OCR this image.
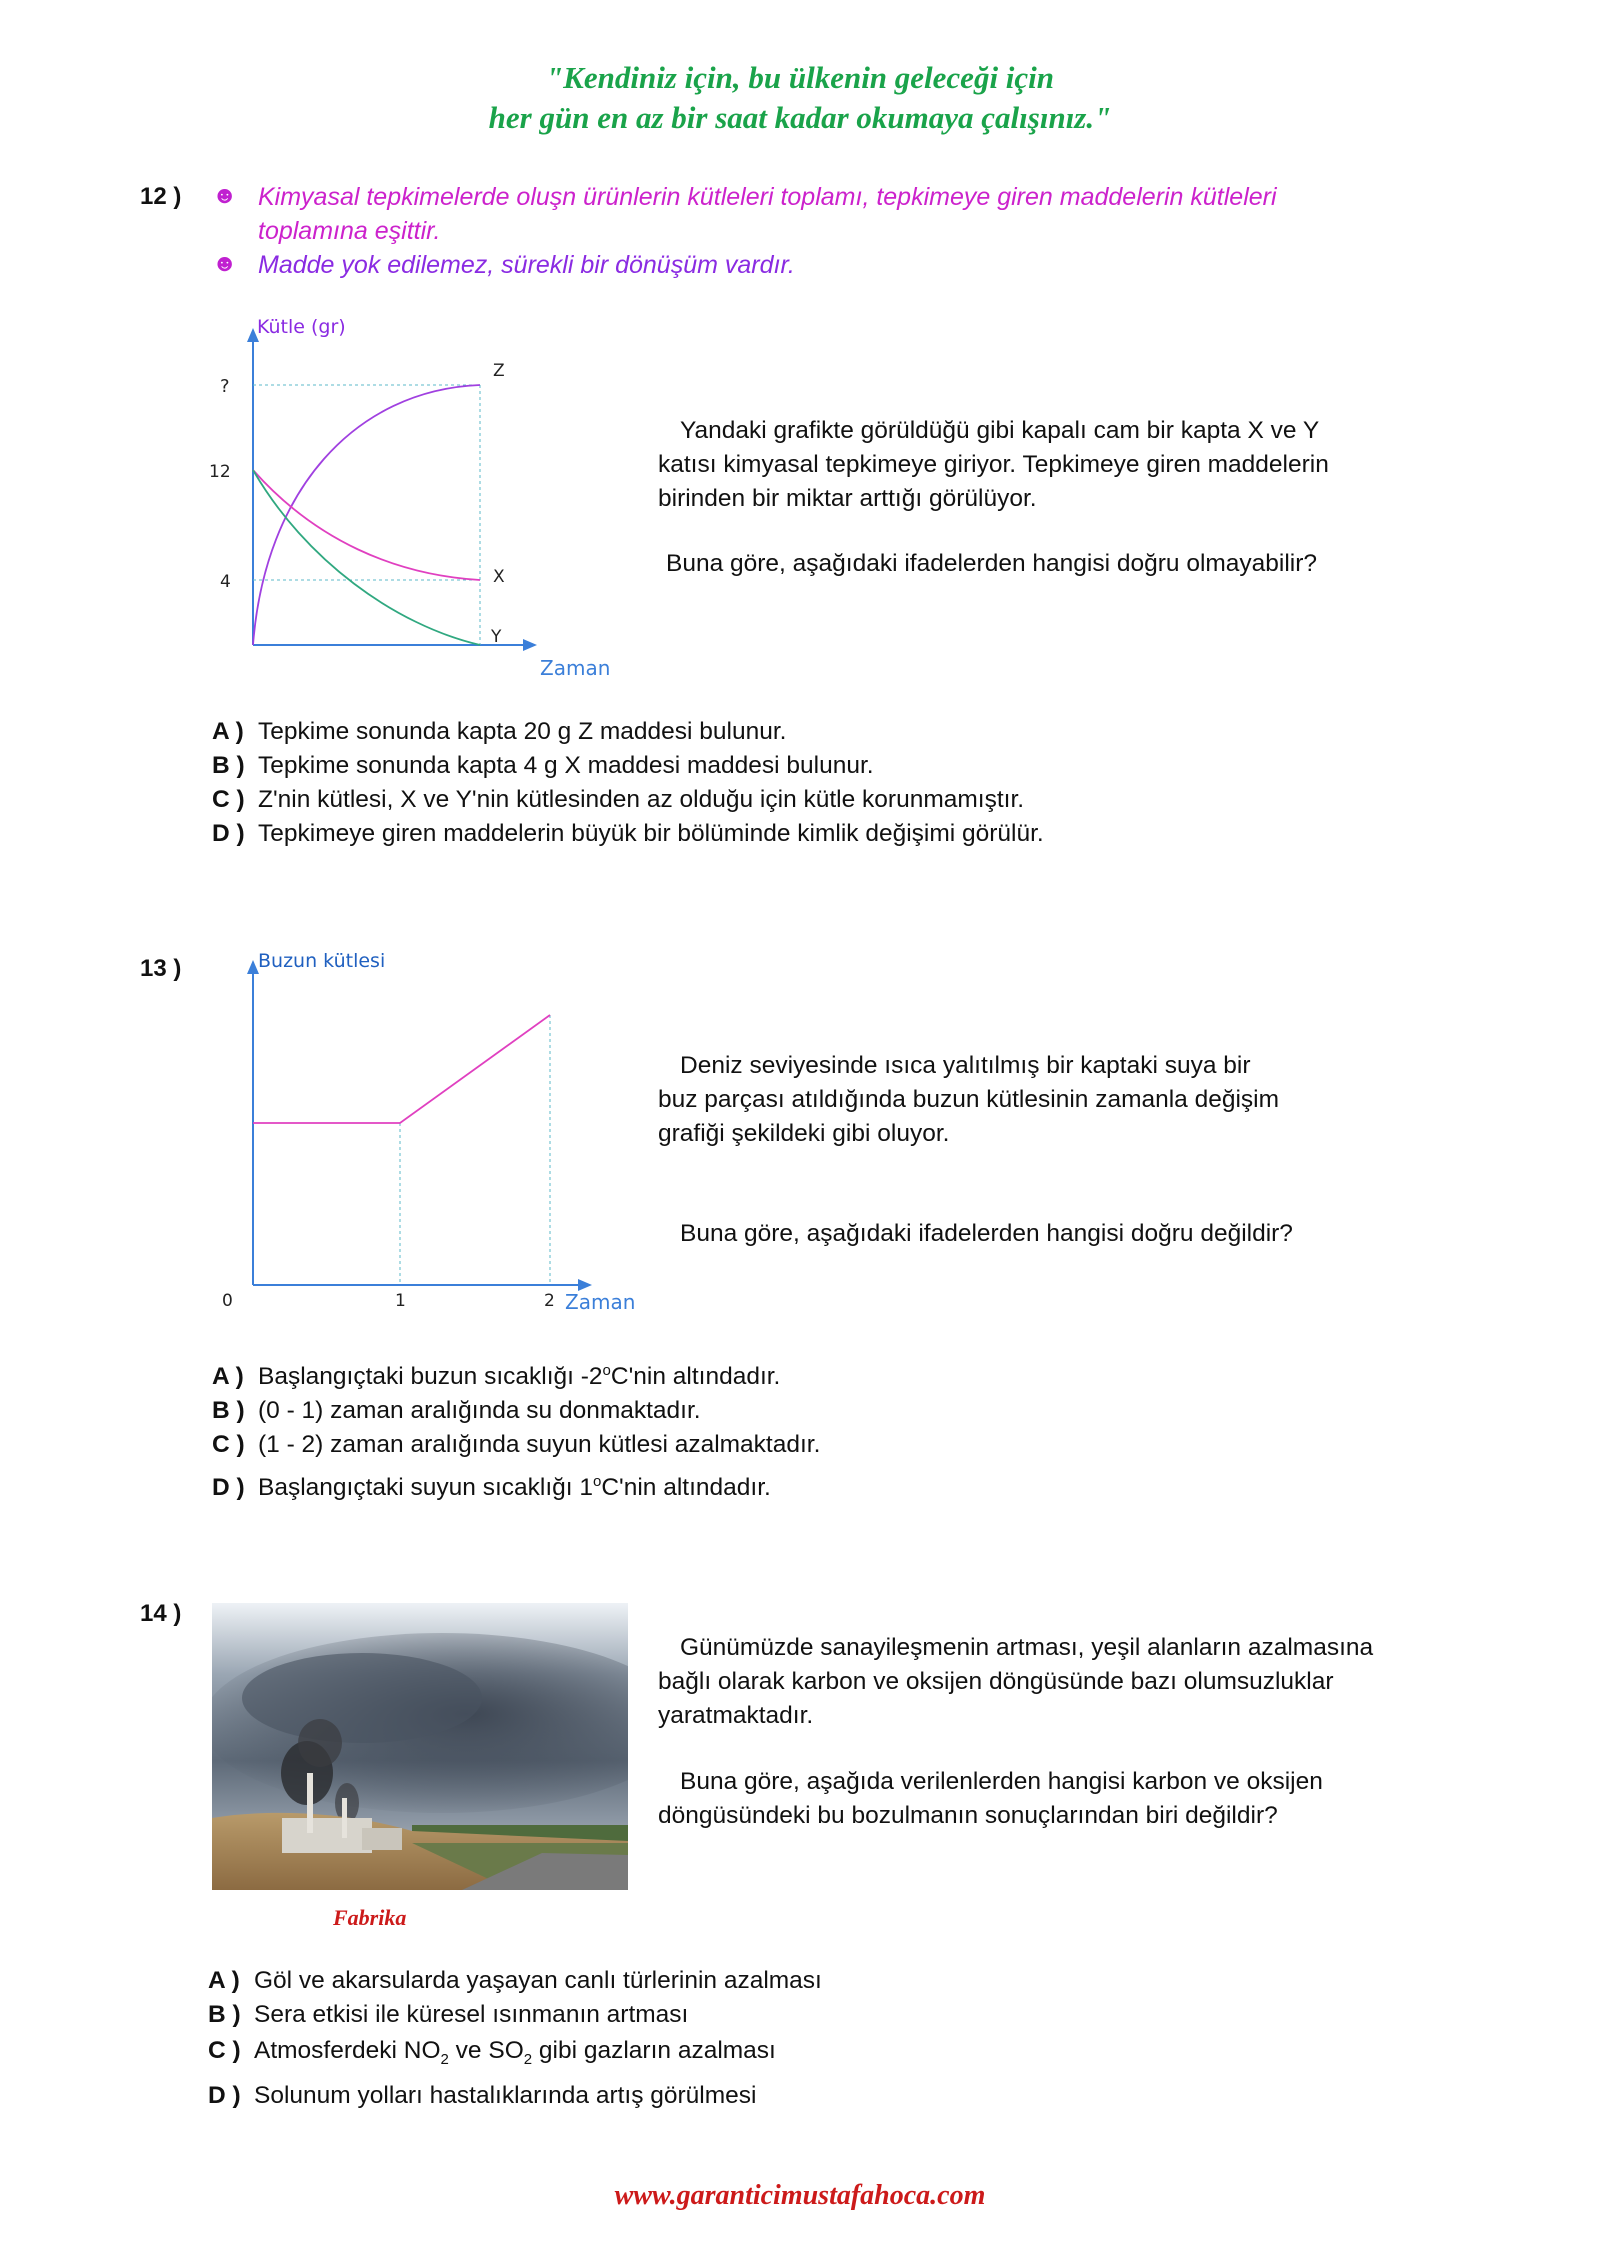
"Kendiniz için, bu ülkenin geleceği için
her gün en az bir saat kadar okumaya çalışınız."
12 ) ☻ Kimyasal tepkimelerde oluşn ürünlerin kütleleri toplamı, tepkimeye giren maddelerin kütleleri
toplamına eşittir.
☻ Madde yok edilemez, sürekli bir dönüşüm vardır.
Kütle (gr)
Zaman
?
12
4
Z
X
Y
Yandaki grafikte görüldüğü gibi kapalı cam bir kapta X ve Y
katısı kimyasal tepkimeye giriyor. Tepkimeye giren maddelerin
birinden bir miktar arttığı görülüyor.
Buna göre, aşağıdaki ifadelerden hangisi doğru olmayabilir?
A ) Tepkime sonunda kapta 20 g Z maddesi bulunur.
B ) Tepkime sonunda kapta 4 g X maddesi maddesi bulunur.
C ) Z'nin kütlesi, X ve Y'nin kütlesinden az olduğu için kütle korunmamıştır.
D ) Tepkimeye giren maddelerin büyük bir bölüminde kimlik değişimi görülür.
13 )	Buzun kütlesi
Zaman
0	1	2
Deniz seviyesinde ısıca yalıtılmış bir kaptaki suya bir
buz parçası atıldığında buzun kütlesinin zamanla değişim
grafiği şekildeki gibi oluyor.
Buna göre, aşağıdaki ifadelerden hangisi doğru değildir?
A ) Başlangıçtaki buzun sıcaklığı -2$^o$C'nin altındadır.
B ) (0 - 1) zaman aralığında su donmaktadır.
C ) (1 - 2) zaman aralığında suyun kütlesi azalmaktadır.
D ) Başlangıçtaki suyun sıcaklığı 1$^o$C'nin altındadır.
14 )
Fabrika
Günümüzde sanayileşmenin artması, yeşil alanların azalmasına
bağlı olarak karbon ve oksijen döngüsünde bazı olumsuzluklar
yaratmaktadır.
Buna göre, aşağıda verilenlerden hangisi karbon ve oksijen
döngüsündeki bu bozulmanın sonuçlarından biri değildir?
A ) Göl ve akarsularda yaşayan canlı türlerinin azalması
B ) Sera etkisi ile küresel ısınmanın artması
C ) Atmosferdeki $NO_2$ ve $SO_2$ gibi gazların azalması
D ) Solunum yolları hastalıklarında artış görülmesi
www.garanticimustafahoca.com
